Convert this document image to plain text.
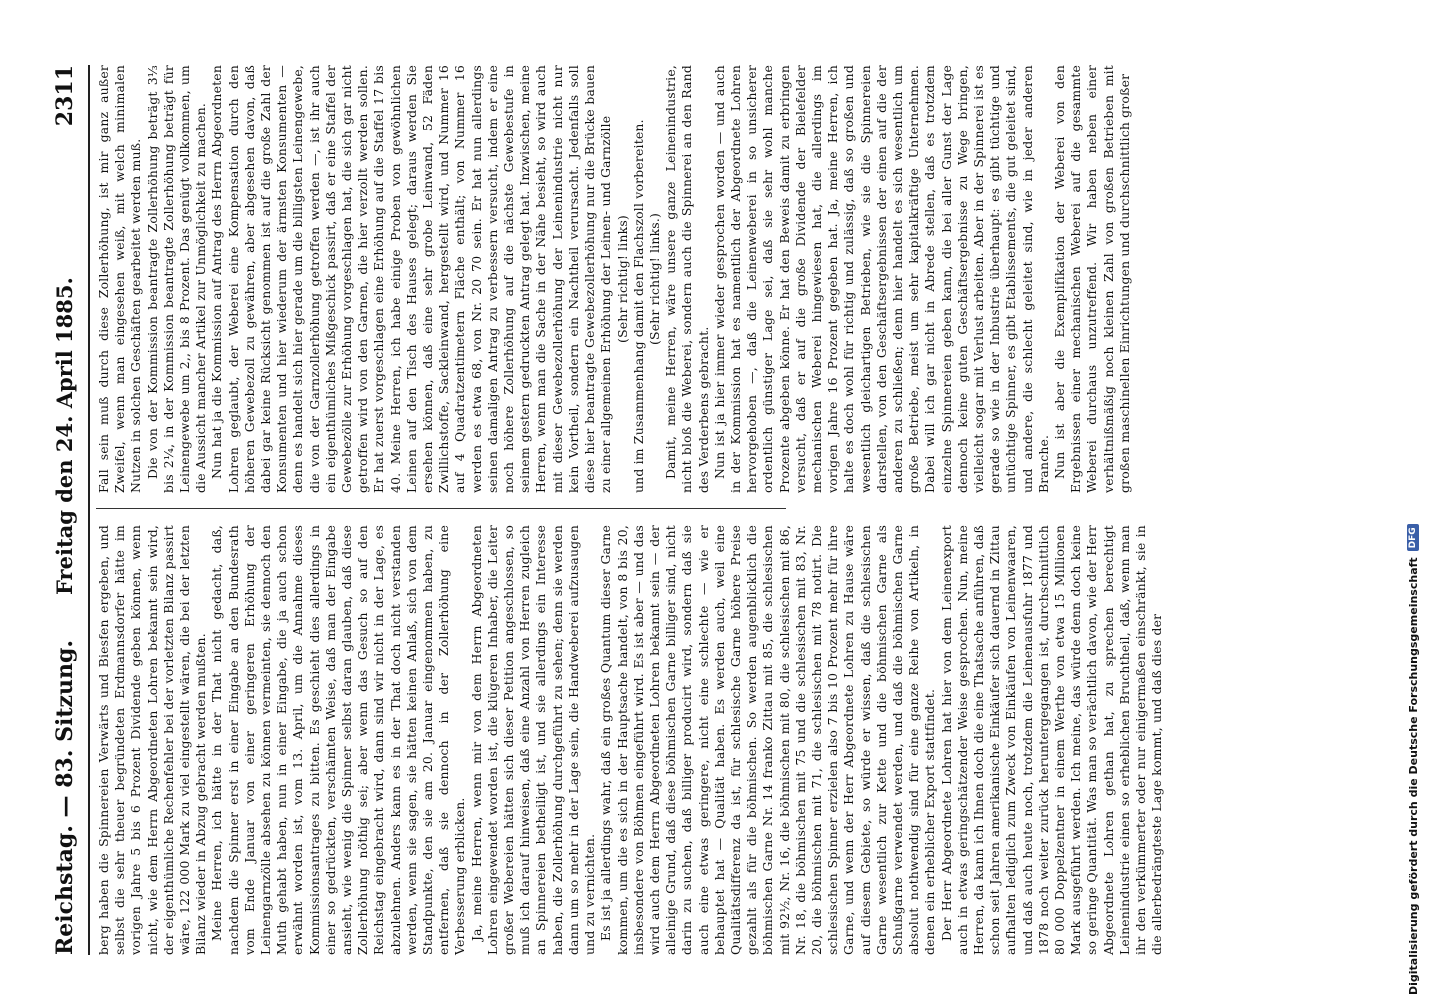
Reichstag. — 83. Sitzung.
Freitag den 24. April 1885.
2311

berg haben die Spinnereien Verwärts und Biesfen ergeben, und selbst die sehr theuer begründeten Erdmannsdorfer hätte im vorigen Jahre 5 bis 6 Prozent Dividende geben können, wenn nicht, wie dem Herrn Abgeordneten Lohren bekannt sein wird, der eigenthümliche Rechenfehler bei der vorletzten Bilanz passirt wäre, 122 000 Mark zu viel eingestellt wären, die bei der letzten Bilanz wieder in Abzug gebracht werden mußten. Meine Herren, ich hätte in der That nicht gedacht, daß, nachdem die Spinner erst in einer Eingabe an den Bundesrath vom Ende Januar von einer geringeren Erhöhung der Leinengarnzölle absehen zu können vermeinten, sie dennoch den Muth gehabt haben, nun in einer Eingabe, die ja auch schon erwähnt worden ist, vom 13. April, um die Annahme dieses Kommissionsantrages zu bitten. Es geschieht dies allerdings in einer so gedrückten, verschämten Weise, daß man der Eingabe ansieht, wie wenig die Spinner selbst daran glauben, daß diese Zollerhöhung nöthig sei; aber wenn das Gesuch so auf den Reichstag eingebracht wird, dann sind wir nicht in der Lage, es abzulehnen. Anders kann es in der That doch nicht verstanden werden, wenn sie sagen, sie hätten keinen Anlaß, sich von dem Standpunkte, den sie am 20. Januar eingenommen haben, zu entfernen, daß sie dennoch in der Zollerhöhung eine Verbesserung erblicken. Ja, meine Herren, wenn mir von dem Herrn Abgeordneten Lohren eingewendet worden ist, die klügeren Inhaber, die Leiter großer Webereien hätten sich dieser Petition angeschlossen, so muß ich darauf hinweisen, daß eine Anzahl von Herren zugleich an Spinnereien betheiligt ist, und sie allerdings ein Interesse haben, die Zollerhöhung durchgeführt zu sehen; denn sie werden dann um so mehr in der Lage sein, die Handweberei aufzusaugen und zu vernichten. Es ist ja allerdings wahr, daß ein großes Quantum dieser Garne kommen, um die es sich in der Hauptsache handelt, von 8 bis 20, insbesondere von Böhmen eingeführt wird. Es ist aber — und das wird auch dem Herrn Abgeordneten Lohren bekannt sein — der alleinige Grund, daß diese böhmischen Garne billiger sind, nicht darin zu suchen, daß billiger producirt wird, sondern daß sie auch eine etwas geringere, nicht eine schlechte — wie er behauptet hat — Qualität haben. Es werden auch, weil eine Qualitätsdifferenz da ist, für schlesische Garne höhere Preise gezahlt als für die böhmischen. So werden augenblicklich die böhmischen Garne Nr. 14 franko Zittau mit 85, die schlesischen mit 92½, Nr. 16, die böhmischen mit 80, die schlesischen mit 86, Nr. 18, die böhmischen mit 75 und die schlesischen mit 83, Nr. 20, die böhmischen mit 71, die schlesischen mit 78 notirt. Die schlesischen Spinner erzielen also 7 bis 10 Prozent mehr für ihre Garne, und wenn der Herr Abgeordnete Lohren zu Hause wäre auf diesem Gebiete, so würde er wissen, daß die schlesischen Garne wesentlich zur Kette und die böhmischen Garne als Schußgarne verwendet werden, und daß die böhmischen Garne absolut nothwendig sind für eine ganze Reihe von Artikeln, in denen ein erheblicher Export stattfindet. Der Herr Abgeordnete Lohren hat hier von dem Leinenexport auch in etwas geringschätzender Weise gesprochen. Nun, meine Herren, da kann ich Ihnen doch die eine Thatsache anführen, daß schon seit Jahren amerikanische Einkäufer sich dauernd in Zittau aufhalten lediglich zum Zweck von Einkäufen von Leinenwaaren, und daß auch heute noch, trotzdem die Leinenausfuhr 1877 und 1878 noch weiter zurück heruntergegangen ist, durchschnittlich 80 000 Doppelzentner in einem Werthe von etwa 15 Millionen Mark ausgeführt werden. Ich meine, das würde denn doch keine so geringe Quantität. Was man so verächtlich davon, wie der Herr Abgeordnete Lohren gethan hat, zu sprechen berechtigt Leinenindustrie einen so erheblichen Bruchtheil, daß, wenn man ihr den verkümmerter oder nur einigermaßen einschränkt, sie in die allerbedrängteste Lage kommt, und daß dies der

Fall sein muß durch diese Zollerhöhung, ist mir ganz außer Zweifel, wenn man eingesehen weiß, mit welch minimalen Nutzen in solchen Geschäften gearbeitet werden muß. Die von der Kommission beantragte Zollerhöhung beträgt 3⅓ bis 2¼, in der Kommission beantragte Zollerhöhung beträgt für Leinengewebe um 2,, bis 8 Prozent. Das genügt vollkommen, um die Aussicht mancher Artikel zur Unmöglichkeit zu machen. Nun hat ja die Kommission auf Antrag des Herrn Abgeordneten Lohren geglaubt, der Weberei eine Kompensation durch den höheren Gewebezoll zu gewähren, aber abgesehen davon, daß dabei gar keine Rücksicht genommen ist auf die große Zahl der Konsumenten und hier wiederum der ärmsten Konsumenten — denn es handelt sich hier gerade um die billigsten Leinengewebe, die von der Garnzollerhöhung getroffen werden —, ist ihr auch ein eigenthümliches Mißgeschick passirt, daß er eine Staffel der Gewebezölle zur Erhöhung vorgeschlagen hat, die sich gar nicht getroffen wird von den Garnen, die hier verzollt werden sollen. Er hat zuerst vorgeschlagen eine Erhöhung auf die Staffel 17 bis 40. Meine Herren, ich habe einige Proben von gewöhnlichen Leinen auf den Tisch des Hauses gelegt; daraus werden Sie ersehen können, daß eine sehr grobe Leinwand, 52 Fäden Zwillichstoffe, Sackleinwand, hergestellt wird, und Nummer 16 auf 4 Quadratzentimetern Fläche enthält; von Nummer 16 werden es etwa 68, von Nr. 20 70 sein. Er hat nun allerdings seinen damaligen Antrag zu verbessern versucht, indem er eine noch höhere Zollerhöhung auf die nächste Gewebestufe in seinem gestern gedruckten Antrag gelegt hat. Inzwischen, meine Herren, wenn man die Sache in der Nähe besieht, so wird auch mit dieser Gewebezollerhöhung der Leinenindustrie nicht nur kein Vortheil, sondern ein Nachtheil verursacht. Jedenfalls soll diese hier beantragte Gewebezollerhöhung nur die Brücke bauen zu einer allgemeinen Erhöhung der Leinen- und Garnzölle (Sehr richtig! links) und im Zusammenhang damit den Flachszoll vorbereiten. (Sehr richtig! links.) Damit, meine Herren, wäre unsere ganze Leinenindustrie, nicht bloß die Weberei, sondern auch die Spinnerei an den Rand des Verderbens gebracht. Nun ist ja hier immer wieder gesprochen worden — und auch in der Kommission hat es namentlich der Abgeordnete Lohren hervorgehoben —, daß die Leinenweberei in so unsicherer ordentlich günstiger Lage sei, daß sie sehr wohl manche Prozente abgeben könne. Er hat den Beweis damit zu erbringen versucht, daß er auf die große Dividende der Bielefelder mechanischen Weberei hingewiesen hat, die allerdings im vorigen Jahre 16 Prozent gegeben hat. Ja, meine Herren, ich halte es doch wohl für richtig und zulässig, daß so großen und wesentlich gleichartigen Betrieben, wie sie die Spinnereien darstellen, von den Geschäftsergebnissen der einen auf die der anderen zu schließen; denn hier handelt es sich wesentlich um große Betriebe, meist um sehr kapitalkräftige Unternehmen. Dabei will ich gar nicht in Abrede stellen, daß es trotzdem einzelne Spinnereien geben kann, die bei aller Gunst der Lage dennoch keine guten Geschäftsergebnisse zu Wege bringen, vielleicht sogar mit Verlust arbeiten. Aber in der Spinnerei ist es gerade so wie in der Inbustrie überhaupt: es gibt tüchtige und untüchtige Spinner, es gibt Etablissements, die gut geleitet sind, und andere, die schlecht geleitet sind, wie in jeder anderen Branche. Nun ist aber die Exemplifikation der Weberei von den Ergebnissen einer mechanischen Weberei auf die gesammte Weberei durchaus unzutreffend. Wir haben neben einer verhältnißmäßig noch kleinen Zahl von großen Betrieben mit großen maschinellen Einrichtungen und durchschnittlich großer

Digitalisierung gefördert durch die Deutsche Forschungsgemeinschaft
DFG
